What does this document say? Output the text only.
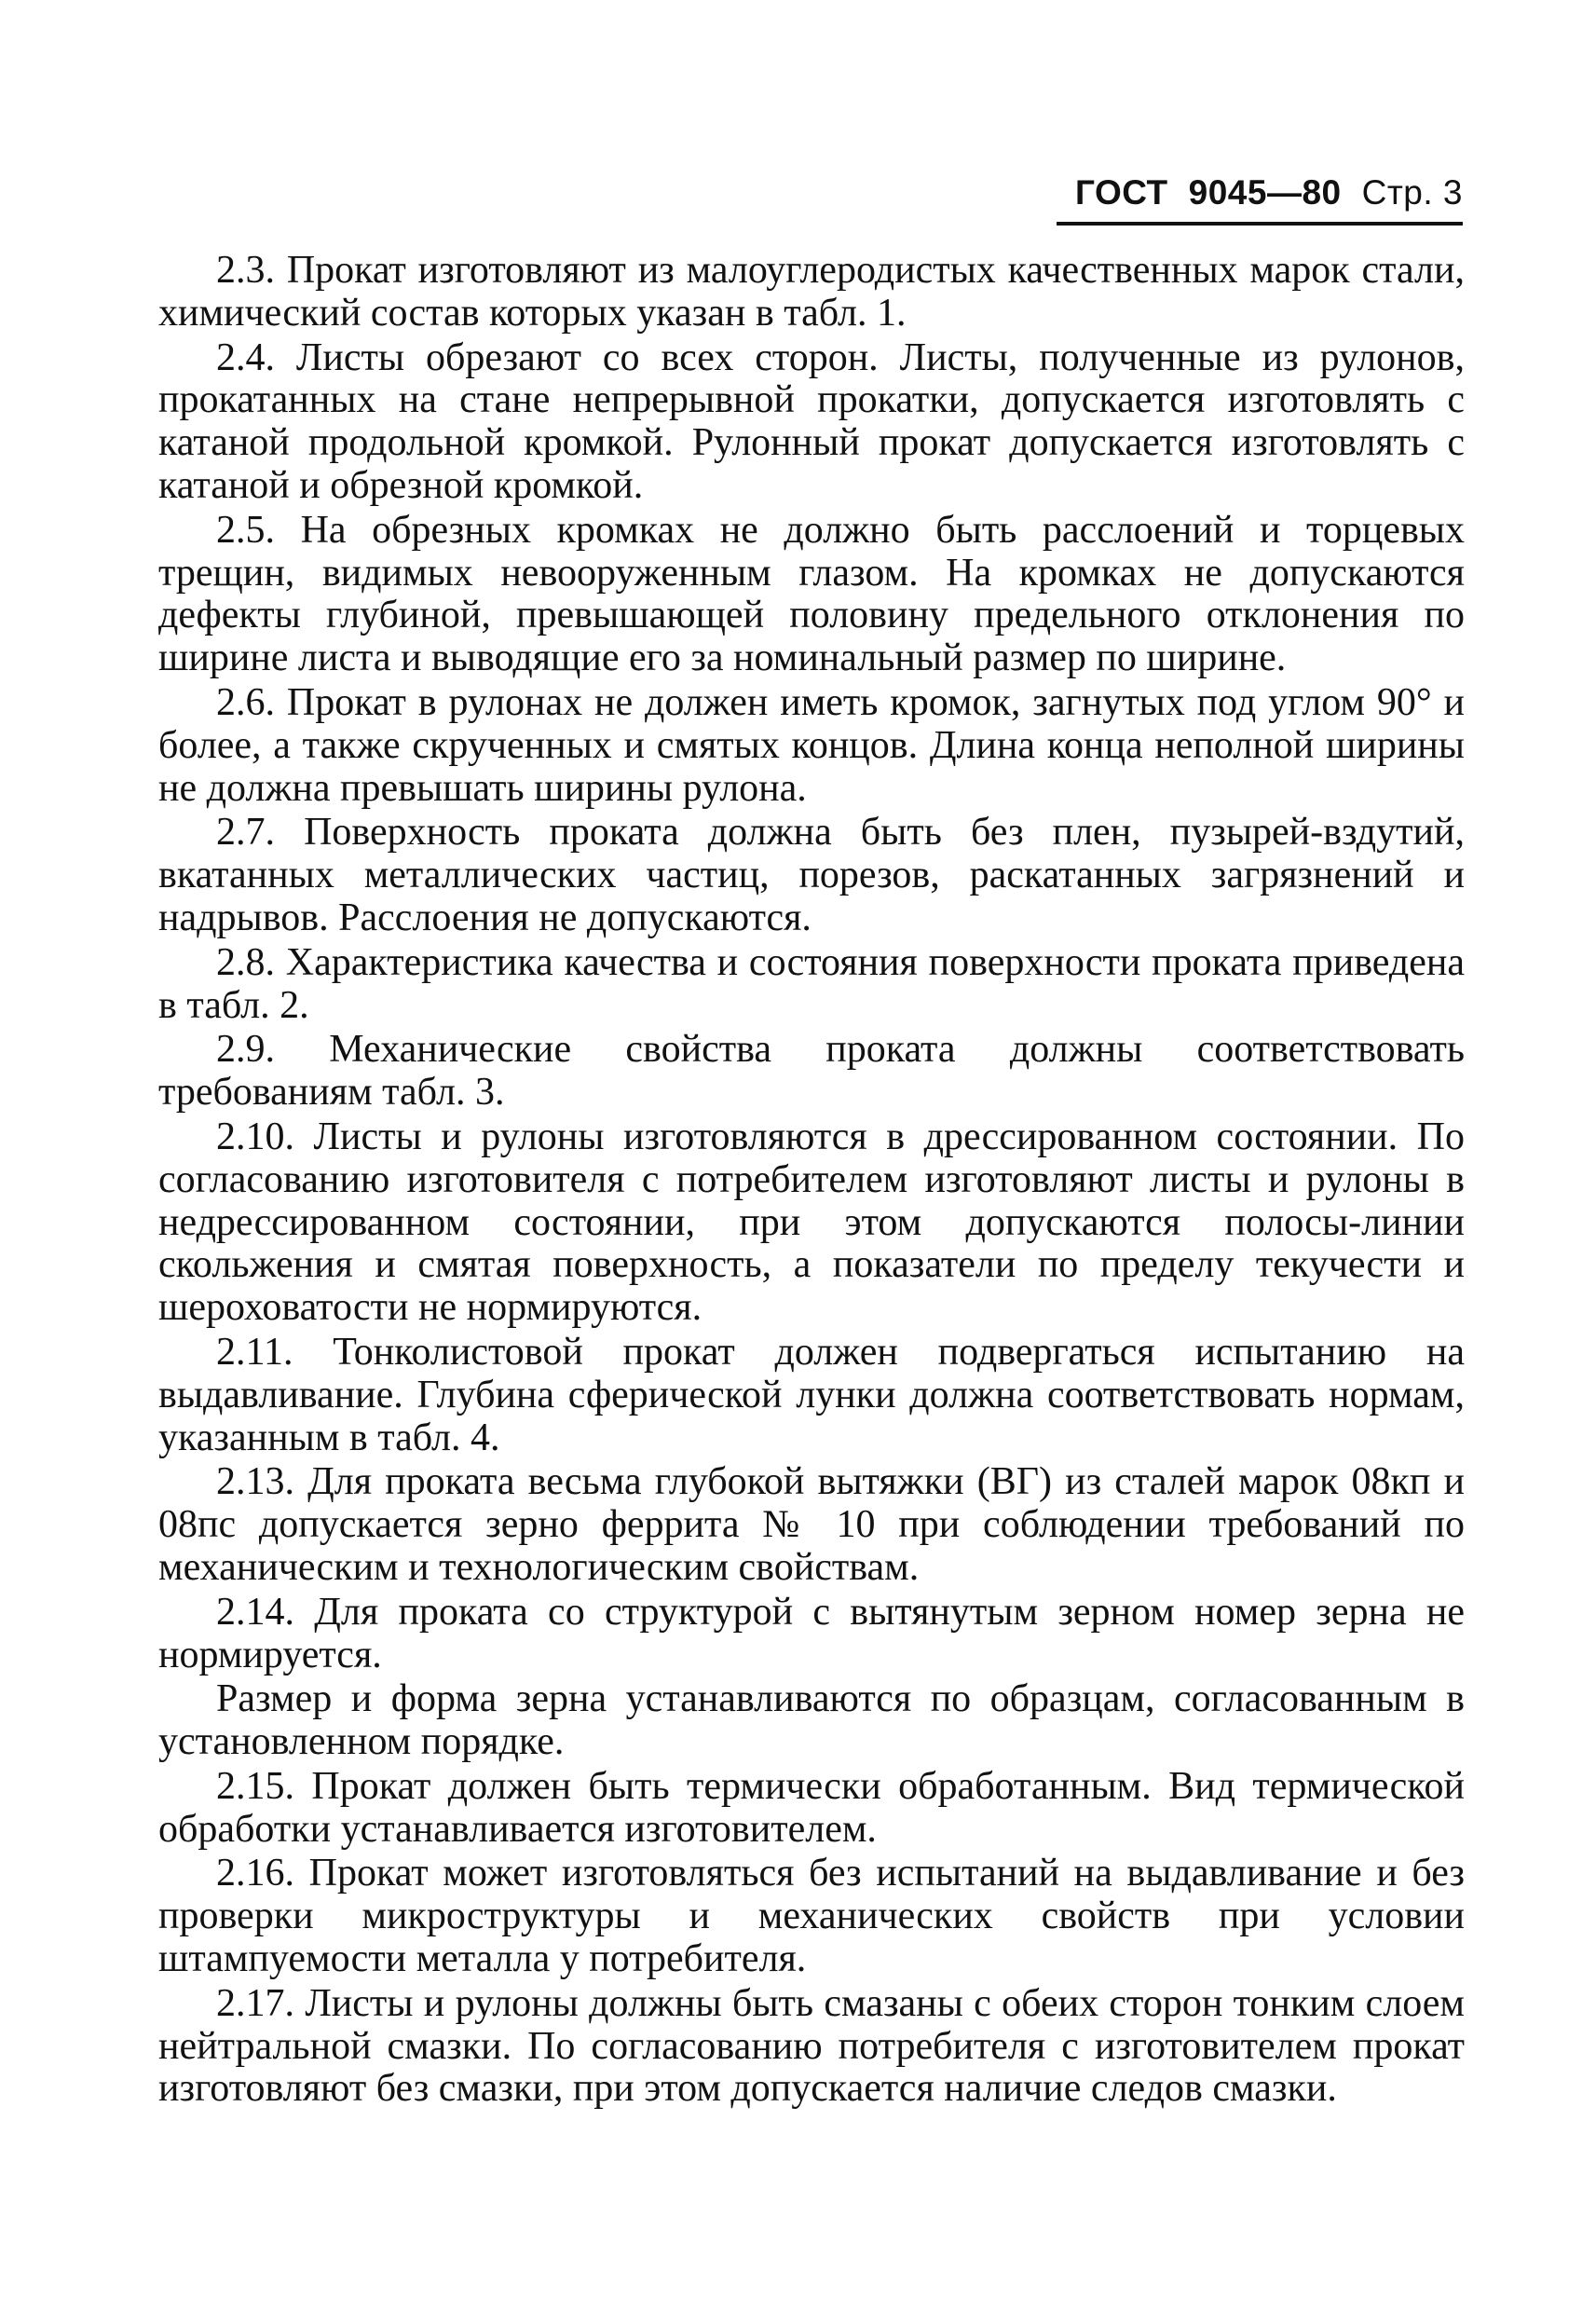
ГОСТ 9045—80 Стр. 3

2.3. Прокат изготовляют из малоуглеродистых качественных марок стали, химический состав которых указан в табл. 1.

2.4. Листы обрезают со всех сторон. Листы, полученные из рулонов, прокатанных на стане непрерывной прокатки, допускается изготовлять с катаной продольной кромкой. Рулонный прокат допускается изготовлять с катаной и обрезной кромкой.

2.5. На обрезных кромках не должно быть расслоений и торцевых трещин, видимых невооруженным глазом. На кромках не допускаются дефекты глубиной, превышающей половину предельного отклонения по ширине листа и выводящие его за номинальный размер по ширине.

2.6. Прокат в рулонах не должен иметь кромок, загнутых под углом 90° и более, а также скрученных и смятых концов. Длина конца неполной ширины не должна превышать ширины рулона.

2.7. Поверхность проката должна быть без плен, пузырей-вздутий, вкатанных металлических частиц, порезов, раскатанных загрязнений и надрывов. Расслоения не допускаются.

2.8. Характеристика качества и состояния поверхности проката приведена в табл. 2.

2.9. Механические свойства проката должны соответствовать требованиям табл. 3.

2.10. Листы и рулоны изготовляются в дрессированном состоянии. По согласованию изготовителя с потребителем изготовляют листы и рулоны в недрессированном состоянии, при этом допускаются полосы-линии скольжения и смятая поверхность, а показатели по пределу текучести и шероховатости не нормируются.

2.11. Тонколистовой прокат должен подвергаться испытанию на выдавливание. Глубина сферической лунки должна соответствовать нормам, указанным в табл. 4.

2.13. Для проката весьма глубокой вытяжки (ВГ) из сталей марок 08кп и 08пс допускается зерно феррита № 10 при соблюдении требований по механическим и технологическим свойствам.

2.14. Для проката со структурой с вытянутым зерном номер зерна не нормируется.

Размер и форма зерна устанавливаются по образцам, согласованным в установленном порядке.

2.15. Прокат должен быть термически обработанным. Вид термической обработки устанавливается изготовителем.

2.16. Прокат может изготовляться без испытаний на выдавливание и без проверки микроструктуры и механических свойств при условии штампуемости металла у потребителя.

2.17. Листы и рулоны должны быть смазаны с обеих сторон тонким слоем нейтральной смазки. По согласованию потребителя с изготовителем прокат изготовляют без смазки, при этом допускается наличие следов смазки.
